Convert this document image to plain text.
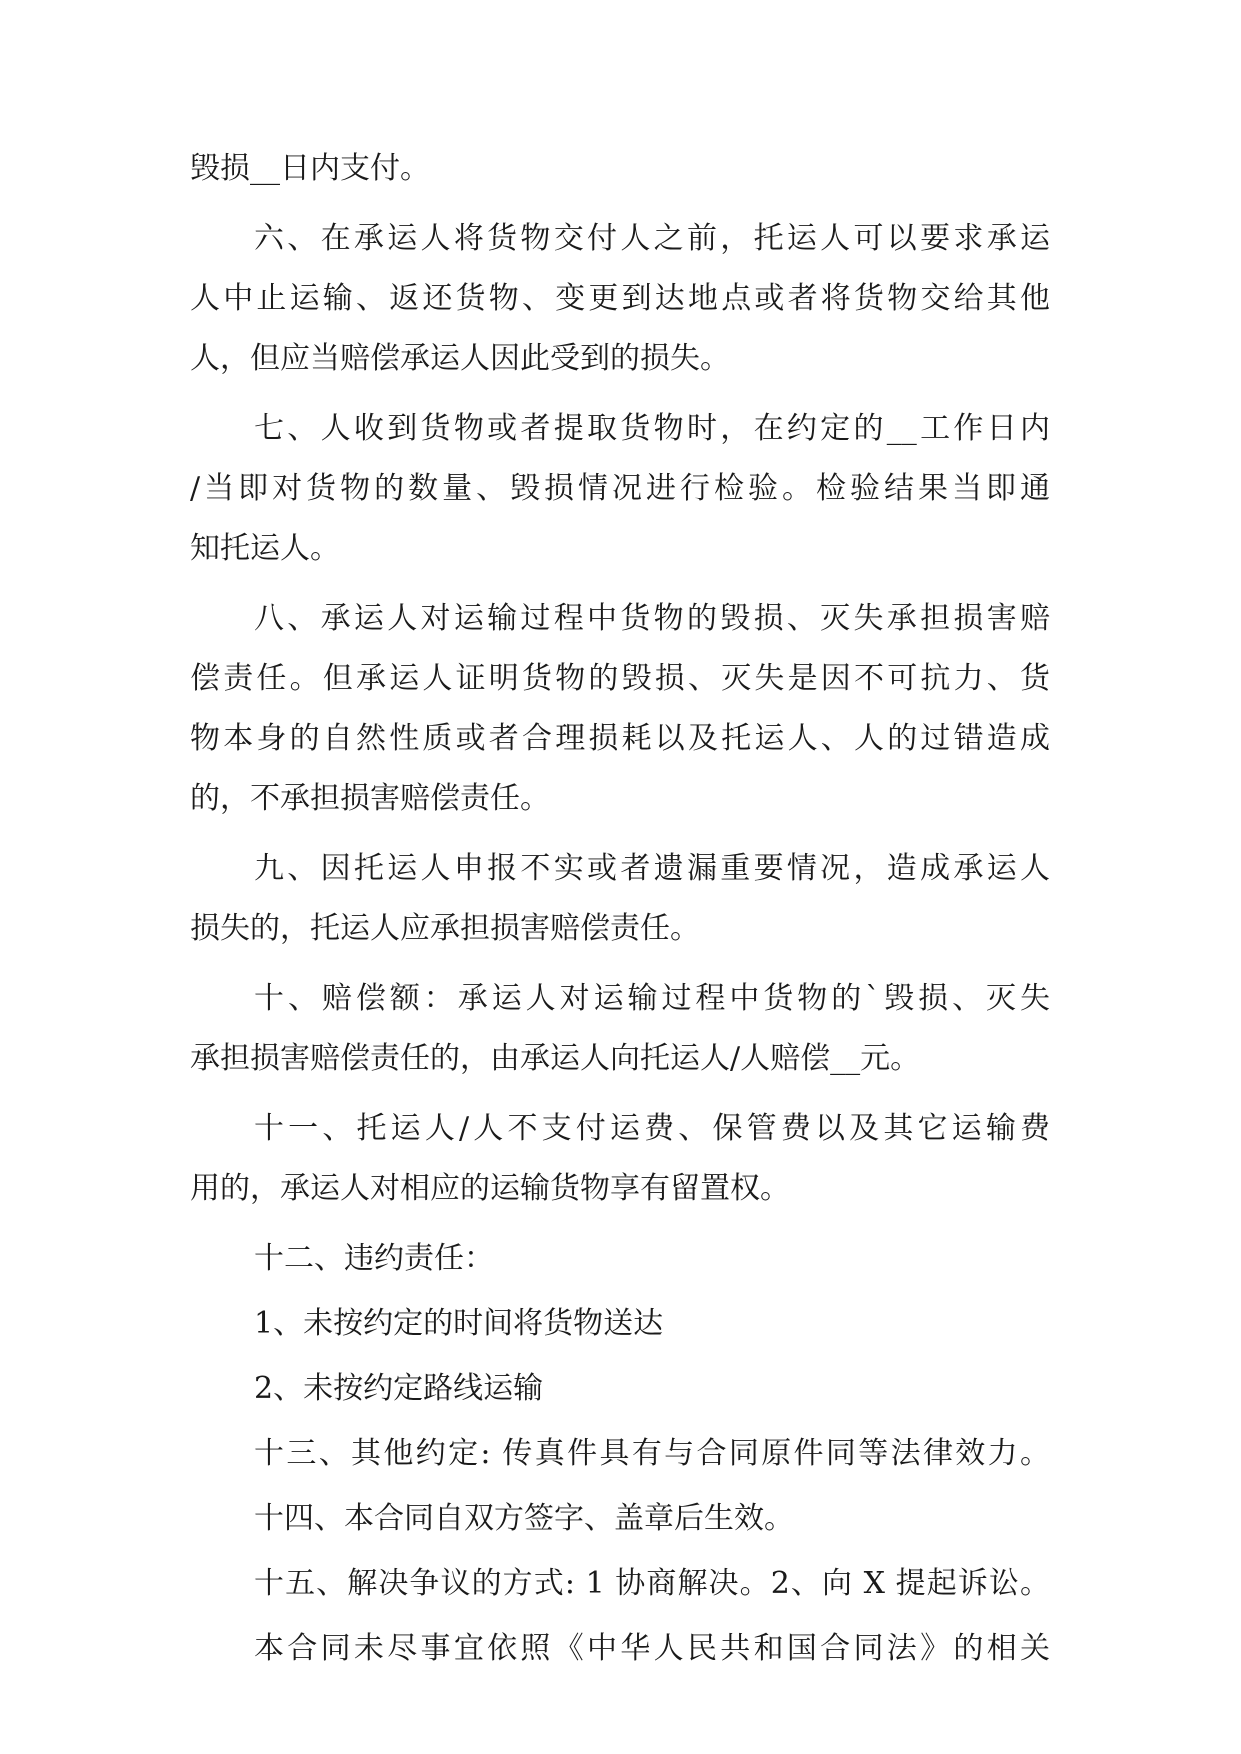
毁损__日内支付。
六、在承运人将货物交付人之前，托运人可以要求承运
人中止运输、返还货物、变更到达地点或者将货物交给其他
人，但应当赔偿承运人因此受到的损失。
七、人收到货物或者提取货物时，在约定的__工作日内
/当即对货物的数量、毁损情况进行检验。检验结果当即通
知托运人。
八、承运人对运输过程中货物的毁损、灭失承担损害赔
偿责任。但承运人证明货物的毁损、灭失是因不可抗力、货
物本身的自然性质或者合理损耗以及托运人、人的过错造成
的，不承担损害赔偿责任。
九、因托运人申报不实或者遗漏重要情况，造成承运人
损失的，托运人应承担损害赔偿责任。
十、赔偿额：承运人对运输过程中货物的`毁损、灭失
承担损害赔偿责任的，由承运人向托运人/人赔偿__元。
十一、托运人/人不支付运费、保管费以及其它运输费
用的，承运人对相应的运输货物享有留置权。
十二、违约责任：
1、未按约定的时间将货物送达
2、未按约定路线运输
十三、其他约定: 传真件具有与合同原件同等法律效力。
十四、本合同自双方签字、盖章后生效。
十五、解决争议的方式: 1 协商解决。2、向 X 提起诉讼。
本合同未尽事宜依照《中华人民共和国合同法》的相关
